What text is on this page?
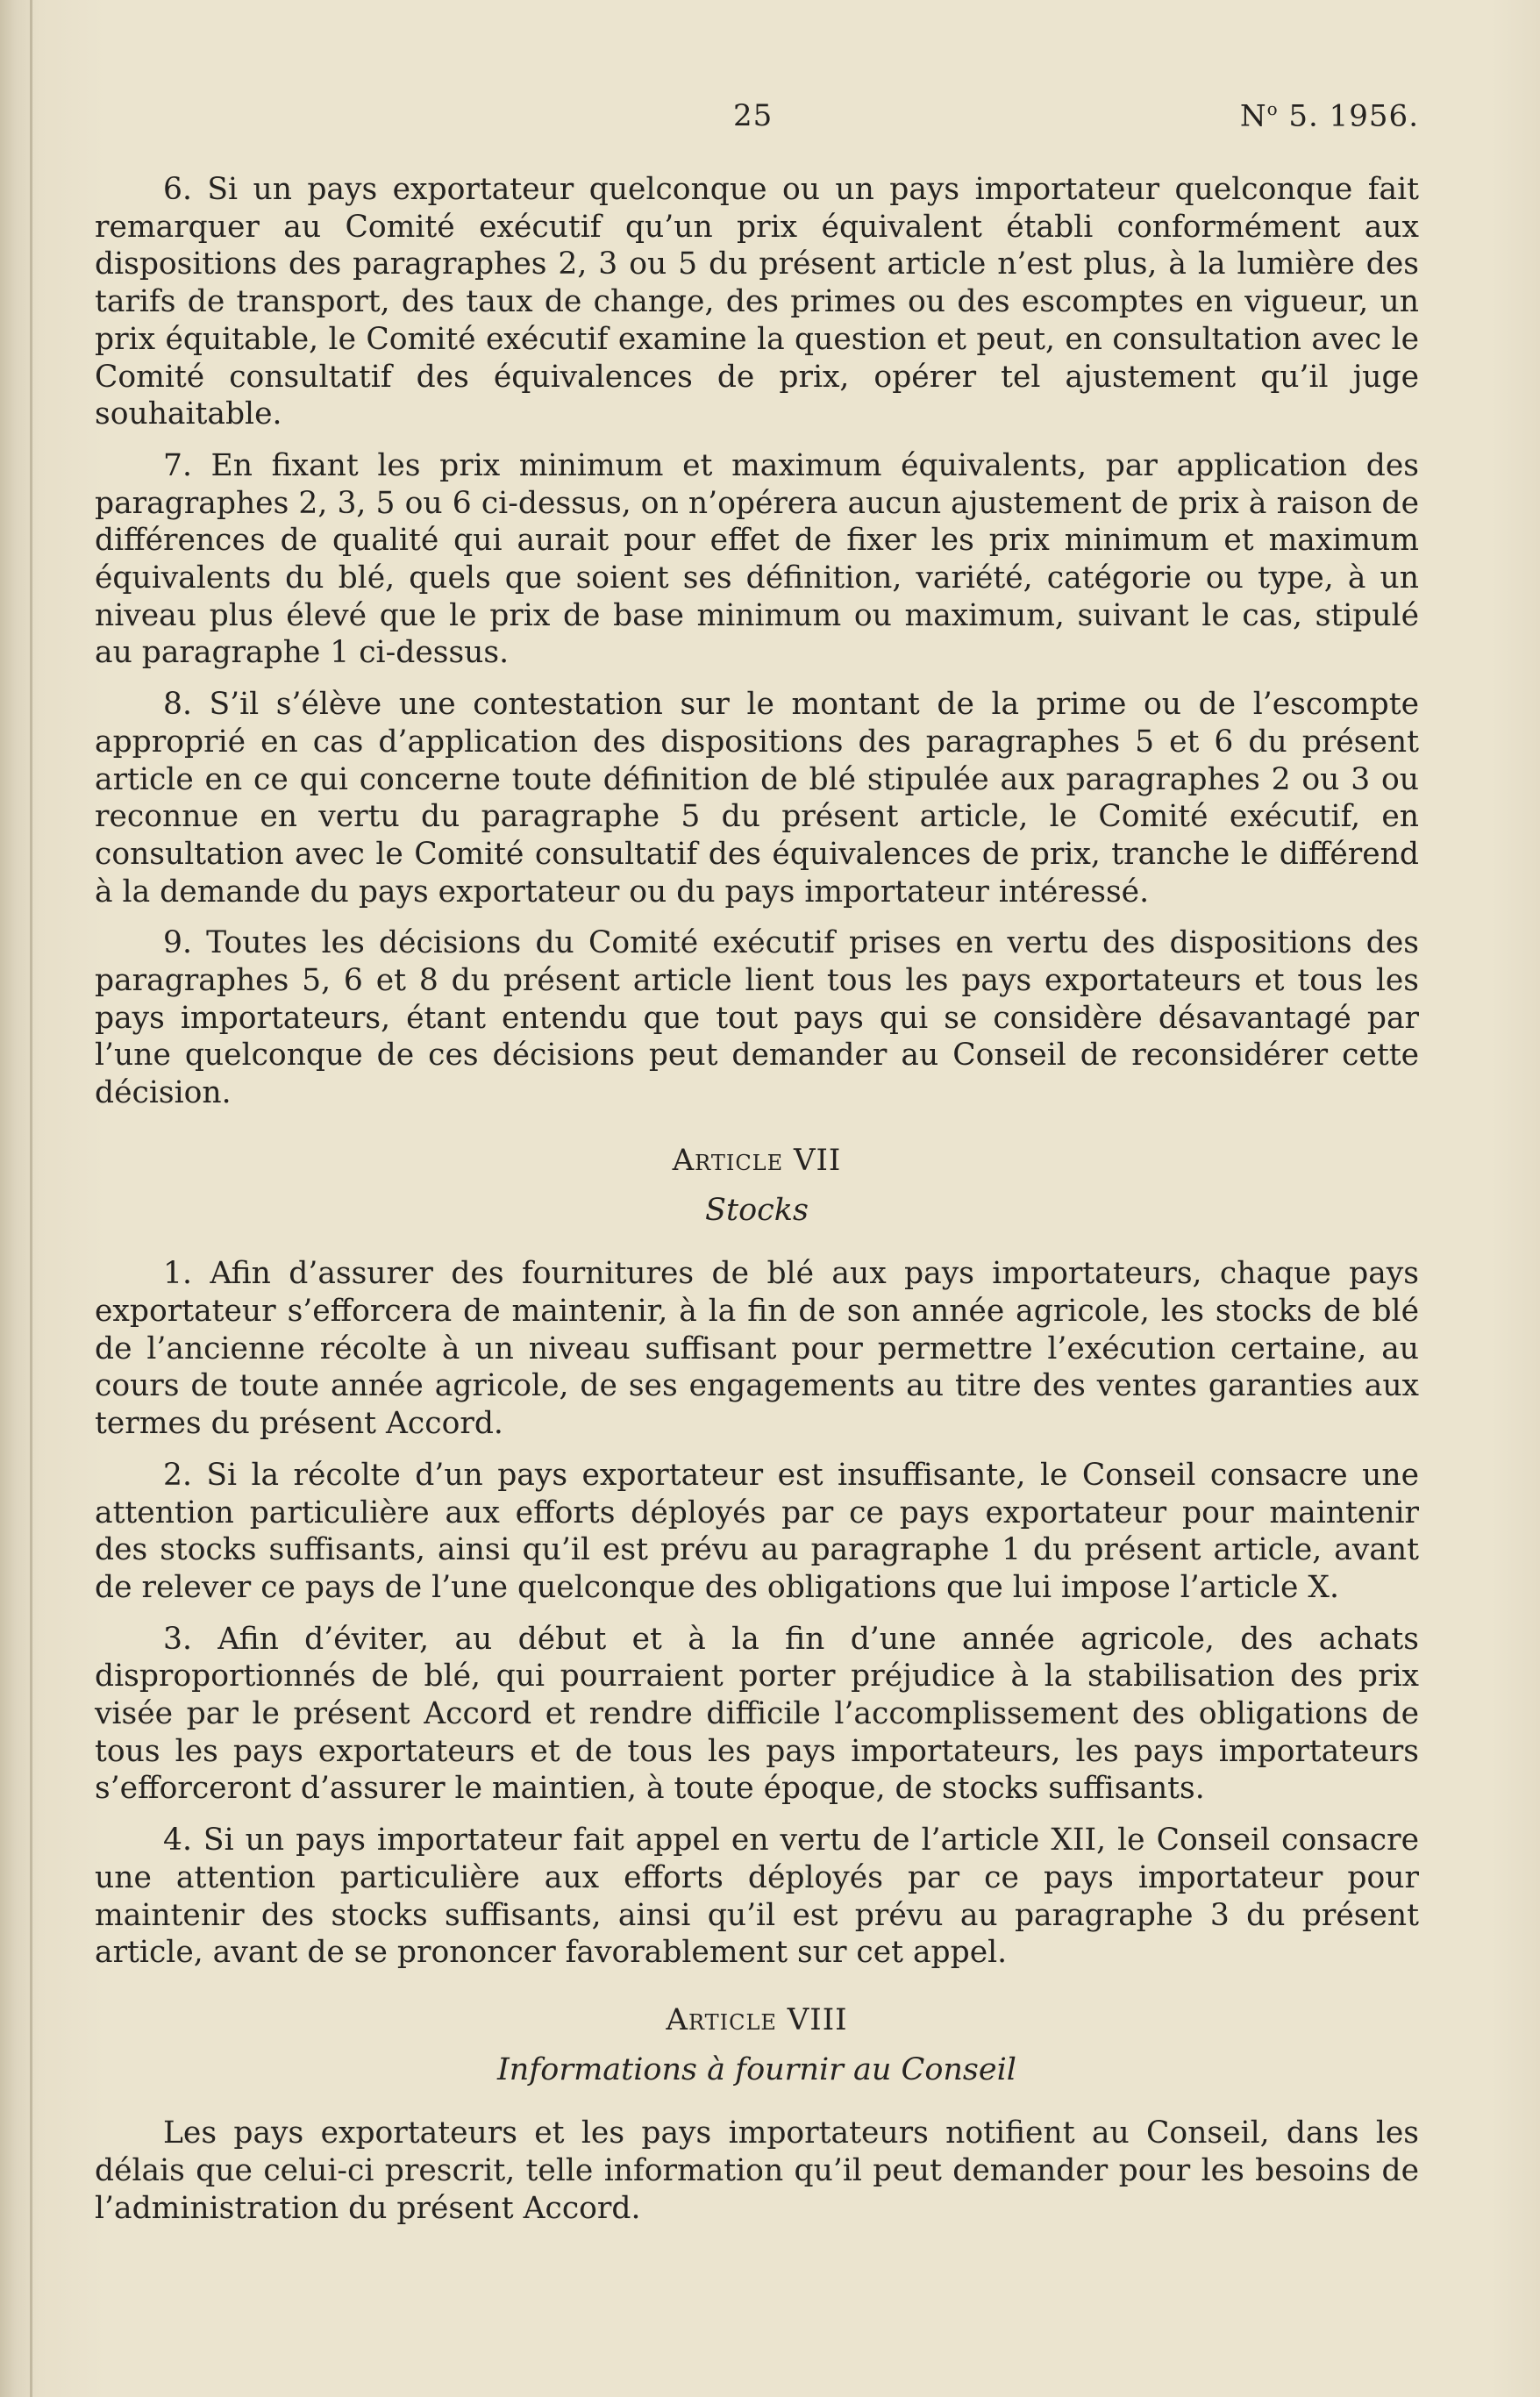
25	$N^o$ 5. 1956.

6. Si un pays exportateur quelconque ou un pays importateur quelconque fait remarquer au Comité exécutif qu’un prix équivalent établi conformément aux dispositions des paragraphes 2, 3 ou 5 du présent article n’est plus, à la lumière des tarifs de transport, des taux de change, des primes ou des escomptes en vigueur, un prix équitable, le Comité exécutif examine la question et peut, en consultation avec le Comité consultatif des équivalences de prix, opérer tel ajustement qu’il juge souhaitable.

7. En fixant les prix minimum et maximum équivalents, par application des paragraphes 2, 3, 5 ou 6 ci-dessus, on n’opérera aucun ajustement de prix à raison de différences de qualité qui aurait pour effet de fixer les prix minimum et maximum équivalents du blé, quels que soient ses définition, variété, catégorie ou type, à un niveau plus élevé que le prix de base minimum ou maximum, suivant le cas, stipulé au paragraphe 1 ci-dessus.

8. S’il s’élève une contestation sur le montant de la prime ou de l’escompte approprié en cas d’application des dispositions des paragraphes 5 et 6 du présent article en ce qui concerne toute définition de blé stipulée aux paragraphes 2 ou 3 ou reconnue en vertu du paragraphe 5 du présent article, le Comité exécutif, en consultation avec le Comité consultatif des équivalences de prix, tranche le différend à la demande du pays exportateur ou du pays importateur intéressé.

9. Toutes les décisions du Comité exécutif prises en vertu des dispositions des paragraphes 5, 6 et 8 du présent article lient tous les pays exportateurs et tous les pays importateurs, étant entendu que tout pays qui se considère désavantagé par l’une quelconque de ces décisions peut demander au Conseil de reconsidérer cette décision.

Article VII
Stocks

1. Afin d’assurer des fournitures de blé aux pays importateurs, chaque pays exportateur s’efforcera de maintenir, à la fin de son année agricole, les stocks de blé de l’ancienne récolte à un niveau suffisant pour permettre l’exécution certaine, au cours de toute année agricole, de ses engagements au titre des ventes garanties aux termes du présent Accord.

2. Si la récolte d’un pays exportateur est insuffisante, le Conseil consacre une attention particulière aux efforts déployés par ce pays exportateur pour maintenir des stocks suffisants, ainsi qu’il est prévu au paragraphe 1 du présent article, avant de relever ce pays de l’une quelconque des obligations que lui impose l’article X.

3. Afin d’éviter, au début et à la fin d’une année agricole, des achats disproportionnés de blé, qui pourraient porter préjudice à la stabilisation des prix visée par le présent Accord et rendre difficile l’accomplissement des obligations de tous les pays exportateurs et de tous les pays importateurs, les pays importateurs s’efforceront d’assurer le maintien, à toute époque, de stocks suffisants.

4. Si un pays importateur fait appel en vertu de l’article XII, le Conseil consacre une attention particulière aux efforts déployés par ce pays importateur pour maintenir des stocks suffisants, ainsi qu’il est prévu au paragraphe 3 du présent article, avant de se prononcer favorablement sur cet appel.

Article VIII
Informations à fournir au Conseil

Les pays exportateurs et les pays importateurs notifient au Conseil, dans les délais que celui-ci prescrit, telle information qu’il peut demander pour les besoins de l’administration du présent Accord.
